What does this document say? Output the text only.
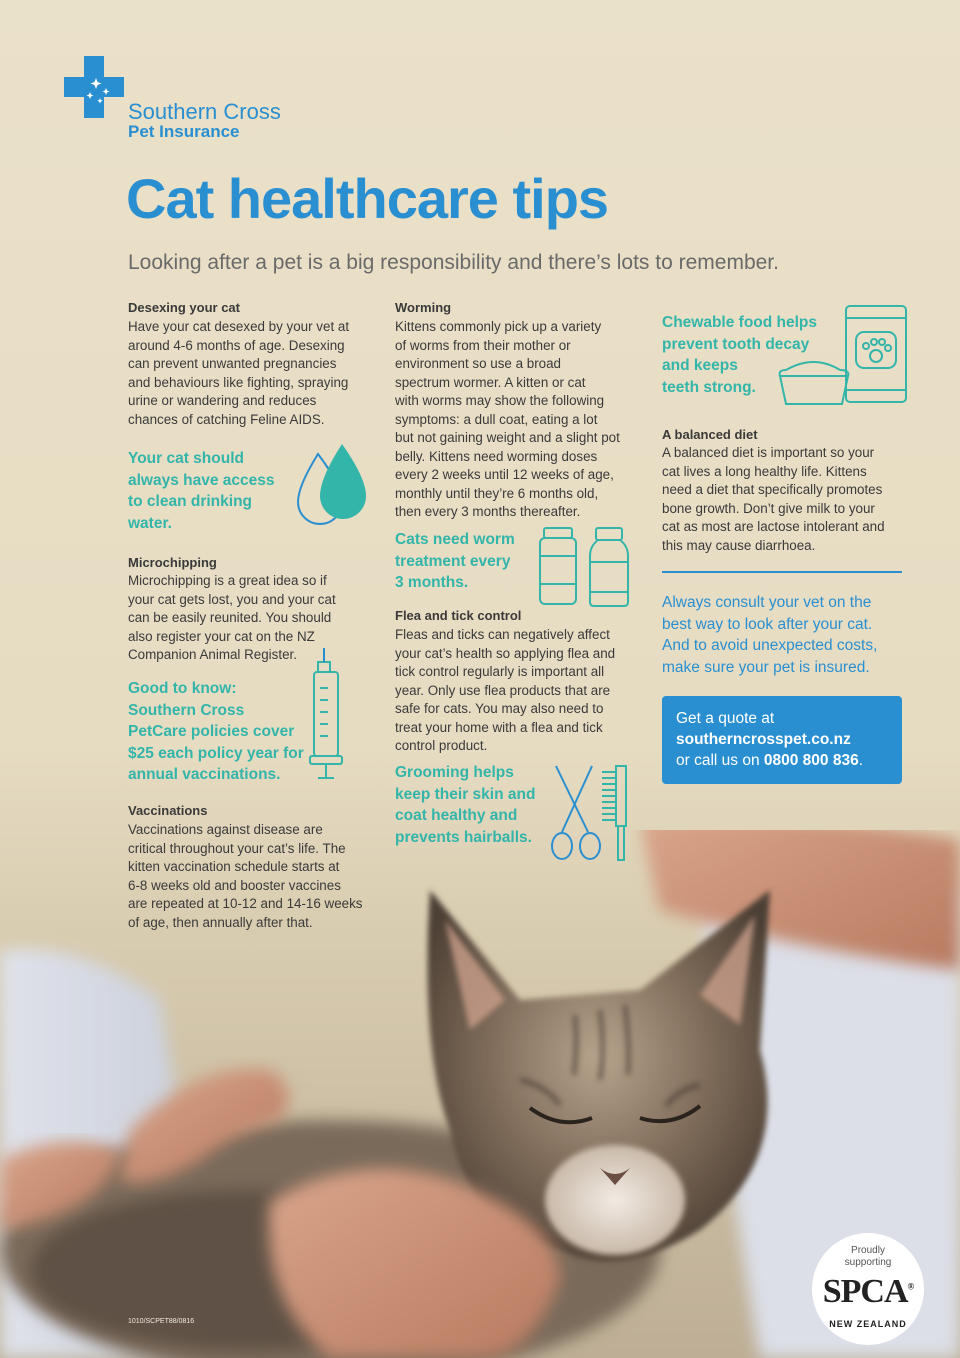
Southern Cross
Pet Insurance
Cat healthcare tips
Looking after a pet is a big responsibility and there’s lots to remember.
Desexing your cat
Have your cat desexed by your vet at
around 4-6 months of age. Desexing
can prevent unwanted pregnancies
and behaviours like fighting, spraying
urine or wandering and reduces
chances of catching Feline AIDS.
Your cat should
always have access
to clean drinking
water.
Microchipping
Microchipping is a great idea so if
your cat gets lost, you and your cat
can be easily reunited. You should
also register your cat on the NZ
Companion Animal Register.
Good to know:
Southern Cross
PetCare policies cover
$25 each policy year for
annual vaccinations.
Vaccinations
Vaccinations against disease are
critical throughout your cat’s life. The
kitten vaccination schedule starts at
6-8 weeks old and booster vaccines
are repeated at 10-12 and 14-16 weeks
of age, then annually after that.
Worming
Kittens commonly pick up a variety
of worms from their mother or
environment so use a broad
spectrum wormer. A kitten or cat
with worms may show the following
symptoms: a dull coat, eating a lot
but not gaining weight and a slight pot
belly. Kittens need worming doses
every 2 weeks until 12 weeks of age,
monthly until they’re 6 months old,
then every 3 months thereafter.
Cats need worm
treatment every
3 months.
Flea and tick control
Fleas and ticks can negatively affect
your cat’s health so applying flea and
tick control regularly is important all
year. Only use flea products that are
safe for cats. You may also need to
treat your home with a flea and tick
control product.
Grooming helps
keep their skin and
coat healthy and
prevents hairballs.
Chewable food helps
prevent tooth decay
and keeps
teeth strong.
A balanced diet
A balanced diet is important so your
cat lives a long healthy life. Kittens
need a diet that specifically promotes
bone growth. Don’t give milk to your
cat as most are lactose intolerant and
this may cause diarrhoea.
Always consult your vet on the
best way to look after your cat.
And to avoid unexpected costs,
make sure your pet is insured.
Get a quote at
southerncrosspet.co.nz
or call us on 0800 800 836.
1010/SCPET88/0816
Proudly
supporting
SPCA®
NEW ZEALAND
